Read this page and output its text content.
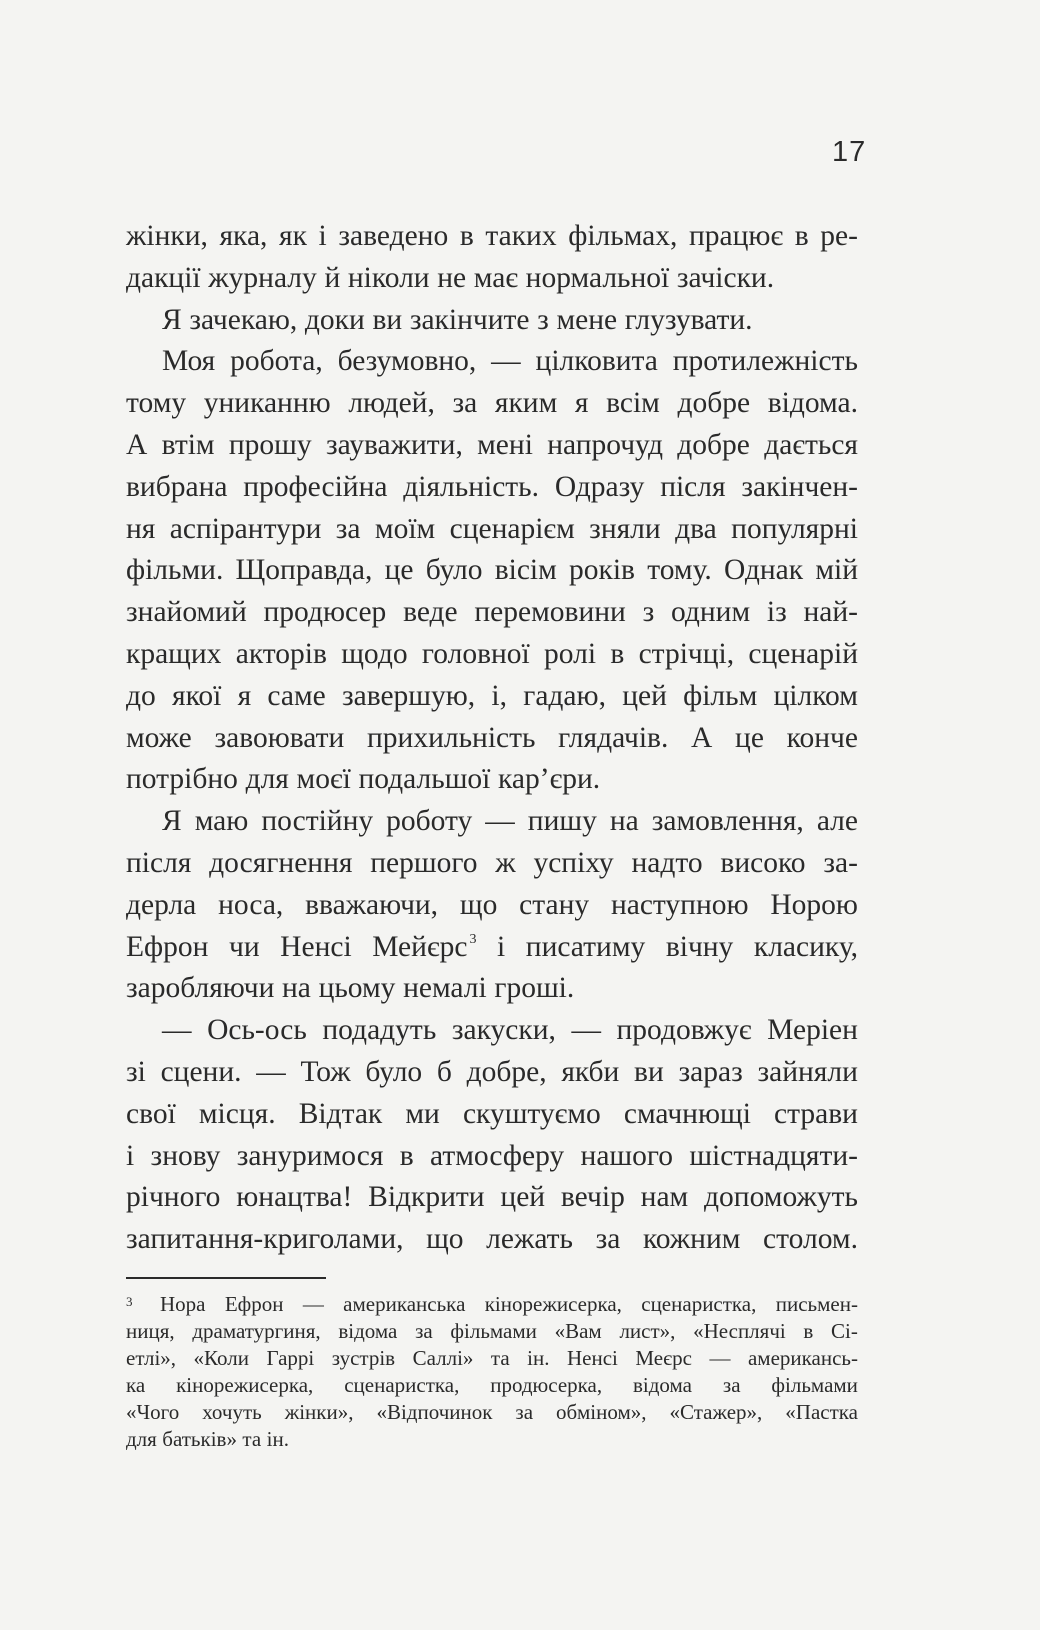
17
жінки, яка, як і заведено в таких фільмах, працює в ре-
дакції журналу й ніколи не має нормальної зачіски.
Я зачекаю, доки ви закінчите з мене глузувати.
Моя робота, безумовно, — цілковита протилежність
тому униканню людей, за яким я всім добре відома.
А втім прошу зауважити, мені напрочуд добре дається
вибрана професійна діяльність. Одразу після закінчен-
ня аспірантури за моїм сценарієм зняли два популярні
фільми. Щоправда, це було вісім років тому. Однак мій
знайомий продюсер веде перемовини з одним із най-
кращих акторів щодо головної ролі в стрічці, сценарій
до якої я саме завершую, і, гадаю, цей фільм цілком
може завоювати прихильність глядачів. А це конче
потрібно для моєї подальшої кар’єри.
Я маю постійну роботу — пишу на замовлення, але
після досягнення першого ж успіху надто високо за-
дерла носа, вважаючи, що стану наступною Норою
Ефрон чи Ненсі Мейєрс $^3$ і писатиму вічну класику,
заробляючи на цьому немалі гроші.
— Ось-ось подадуть закуски, — продовжує Меріен
зі сцени. — Тож було б добре, якби ви зараз зайняли
свої місця. Відтак ми скуштуємо смачнющі страви
і знову зануримося в атмосферу нашого шістнадцяти-
річного юнацтва! Відкрити цей вечір нам допоможуть
запитання-криголами, що лежать за кожним столом.
3 Нора Ефрон — американська кінорежисерка, сценаристка, письмен-
ниця, драматургиня, відома за фільмами «Вам лист», «Несплячі в Сі-
етлі», «Коли Гаррі зустрів Саллі» та ін. Ненсі Меєрс — американсь-
ка кінорежисерка, сценаристка, продюсерка, відома за фільмами
«Чого хочуть жінки», «Відпочинок за обміном», «Стажер», «Пастка
для батьків» та ін.
